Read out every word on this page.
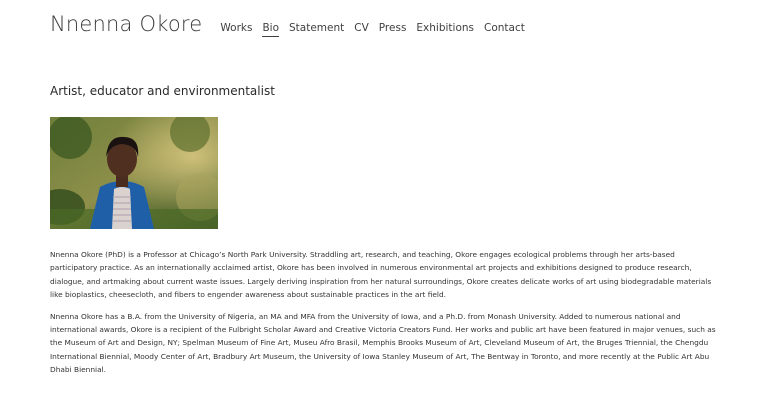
Nnenna Okore Works Bio Statement CV Press Exhibitions Contact
Artist, educator and environmentalist

Nnenna Okore (PhD) is a Professor at Chicago’s North Park University. Straddling art, research, and teaching, Okore engages ecological problems through her arts-based participatory practice. As an internationally acclaimed artist, Okore has been involved in numerous environmental art projects and exhibitions designed to produce research, dialogue, and artmaking about current waste issues. Largely deriving inspiration from her natural surroundings, Okore creates delicate works of art using biodegradable materials like bioplastics, cheesecloth, and fibers to engender awareness about sustainable practices in the art field.

Nnenna Okore has a B.A. from the University of Nigeria, an MA and MFA from the University of Iowa, and a Ph.D. from Monash University. Added to numerous national and international awards, Okore is a recipient of the Fulbright Scholar Award and Creative Victoria Creators Fund. Her works and public art have been featured in major venues, such as the Museum of Art and Design, NY; Spelman Museum of Fine Art, Museu Afro Brasil, Memphis Brooks Museum of Art, Cleveland Museum of Art, the Bruges Triennial, the Chengdu International Biennial, Moody Center of Art, Bradbury Art Museum, the University of Iowa Stanley Museum of Art, The Bentway in Toronto, and more recently at the Public Art Abu Dhabi Biennial.
